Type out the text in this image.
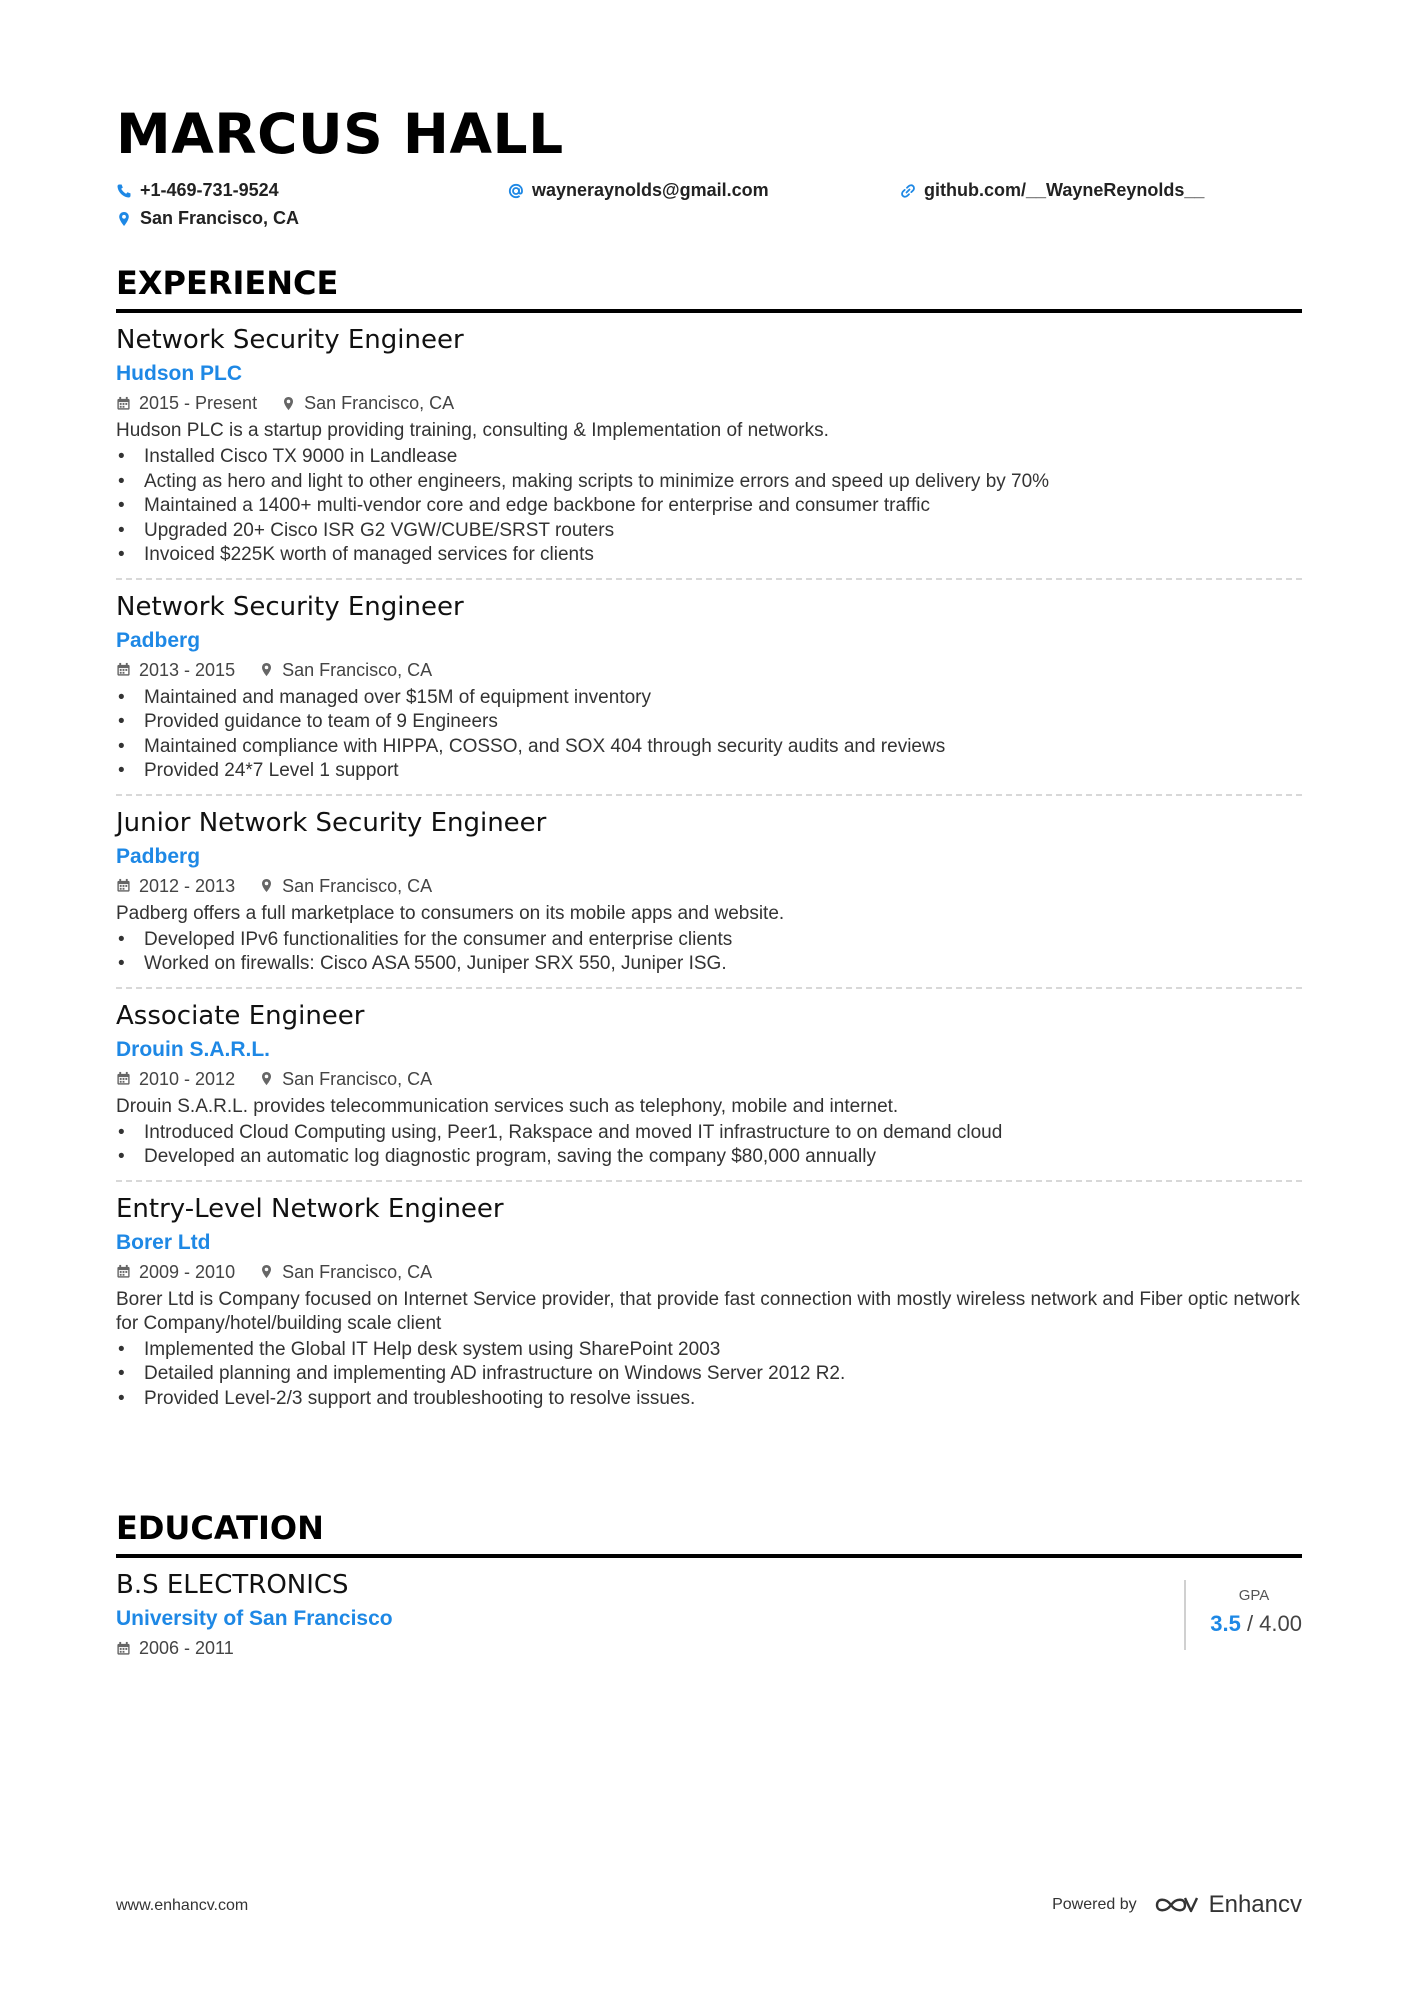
MARCUS HALL
+1-469-731-9524	wayneraynolds@gmail.com	github.com/__WayneReynolds__
San Francisco, CA
EXPERIENCE
Network Security Engineer
Hudson PLC
2015 - Present	San Francisco, CA
Hudson PLC is a startup providing training, consulting & Implementation of networks.
• Installed Cisco TX 9000 in Landlease
• Acting as hero and light to other engineers, making scripts to minimize errors and speed up delivery by 70%
• Maintained a 1400+ multi-vendor core and edge backbone for enterprise and consumer traffic
• Upgraded 20+ Cisco ISR G2 VGW/CUBE/SRST routers
• Invoiced $225K worth of managed services for clients
Network Security Engineer
Padberg
2013 - 2015	San Francisco, CA
• Maintained and managed over $15M of equipment inventory
• Provided guidance to team of 9 Engineers
• Maintained compliance with HIPPA, COSSO, and SOX 404 through security audits and reviews
• Provided 24*7 Level 1 support
Junior Network Security Engineer
Padberg
2012 - 2013	San Francisco, CA
Padberg offers a full marketplace to consumers on its mobile apps and website.
• Developed IPv6 functionalities for the consumer and enterprise clients
• Worked on firewalls: Cisco ASA 5500, Juniper SRX 550, Juniper ISG.
Associate Engineer
Drouin S.A.R.L.
2010 - 2012	San Francisco, CA
Drouin S.A.R.L. provides telecommunication services such as telephony, mobile and internet.
• Introduced Cloud Computing using, Peer1, Rakspace and moved IT infrastructure to on demand cloud
• Developed an automatic log diagnostic program, saving the company $80,000 annually
Entry-Level Network Engineer
Borer Ltd
2009 - 2010	San Francisco, CA
Borer Ltd is Company focused on Internet Service provider, that provide fast connection with mostly wireless network and Fiber optic network for Company/hotel/building scale client
• Implemented the Global IT Help desk system using SharePoint 2003
• Detailed planning and implementing AD infrastructure on Windows Server 2012 R2.
• Provided Level-2/3 support and troubleshooting to resolve issues.
EDUCATION
B.S ELECTRONICS
University of San Francisco
2006 - 2011
GPA
3.5 / 4.00
www.enhancv.com	Powered by	Enhancv
